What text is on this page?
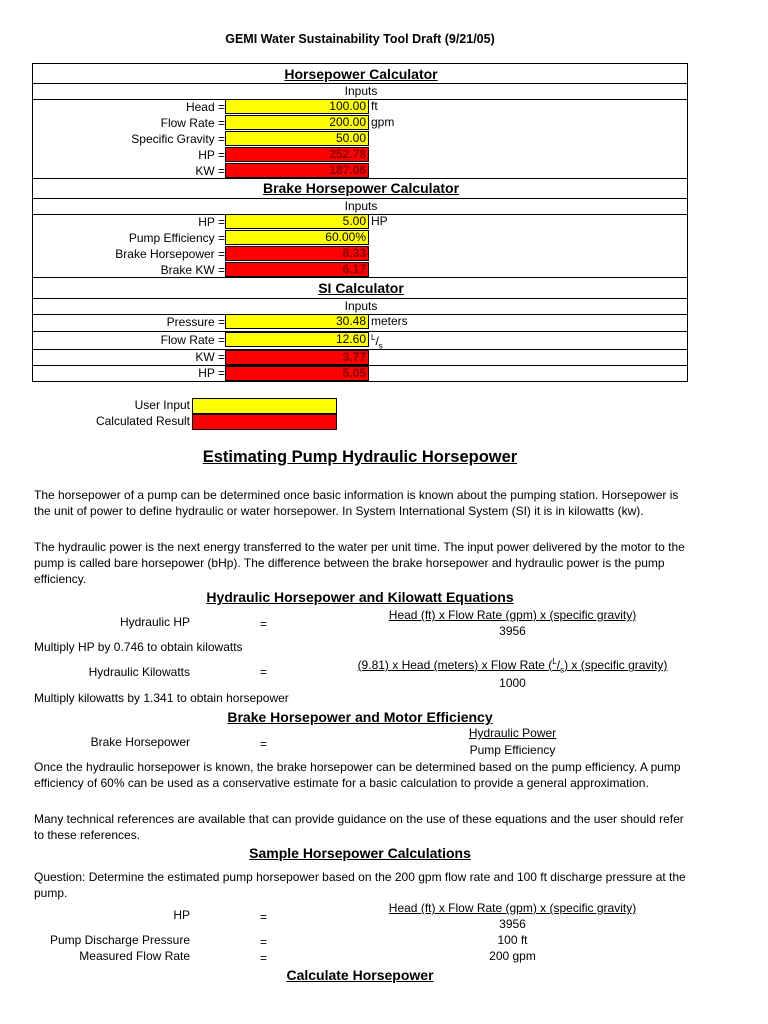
GEMI Water Sustainability Tool Draft (9/21/05)
Horsepower Calculator
Inputs
Head =	100.00 ft
Flow Rate =	200.00 gpm
Specific Gravity =	50.00
HP =	252.78
KW =	187.06
Brake Horsepower Calculator
Inputs
HP =	5.00 HP
Pump Efficiency =	60.00%
Brake Horsepower =	8.33
Brake KW =	6.17
SI Calculator
Inputs
Pressure =	30.48 meters
Flow Rate =	12.60 $^L/_s$
KW =	3.77
HP =	5.05
User Input
Calculated Result
Estimating Pump Hydraulic Horsepower
The horsepower of a pump can be determined once basic information is known about the pumping station. Horsepower is the unit of power to define hydraulic or water horsepower. In System International System (SI) it is in kilowatts (kw).
The hydraulic power is the next energy transferred to the water per unit time. The input power delivered by the motor to the pump is called bare horsepower (bHp). The difference between the brake horsepower and hydraulic power is the pump efficiency.
Hydraulic Horsepower and Kilowatt Equations
Hydraulic HP	=
Head (ft) x Flow Rate (gpm) x (specific gravity)
3956
Multiply HP by 0.746 to obtain kilowatts
Hydraulic Kilowatts	=	(9.81) x Head (meters) x Flow Rate $(^L/_s)$ x (specific gravity)
1000
Multiply kilowatts by 1.341 to obtain horsepower
Brake Horsepower and Motor Efficiency
Brake Horsepower	=
Hydraulic Power
Pump Efficiency
Once the hydraulic horsepower is known, the brake horsepower can be determined based on the pump efficiency. A pump efficiency of 60% can be used as a conservative estimate for a basic calculation to provide a general approximation.
Many technical references are available that can provide guidance on the use of these equations and the user should refer to these references.
Sample Horsepower Calculations
Question: Determine the estimated pump horsepower based on the 200 gpm flow rate and 100 ft discharge pressure at the pump.
HP	=
Head (ft) x Flow Rate (gpm) x (specific gravity)
3956
Pump Discharge Pressure	=	100 ft
Measured Flow Rate	=	200 gpm
Calculate Horsepower
